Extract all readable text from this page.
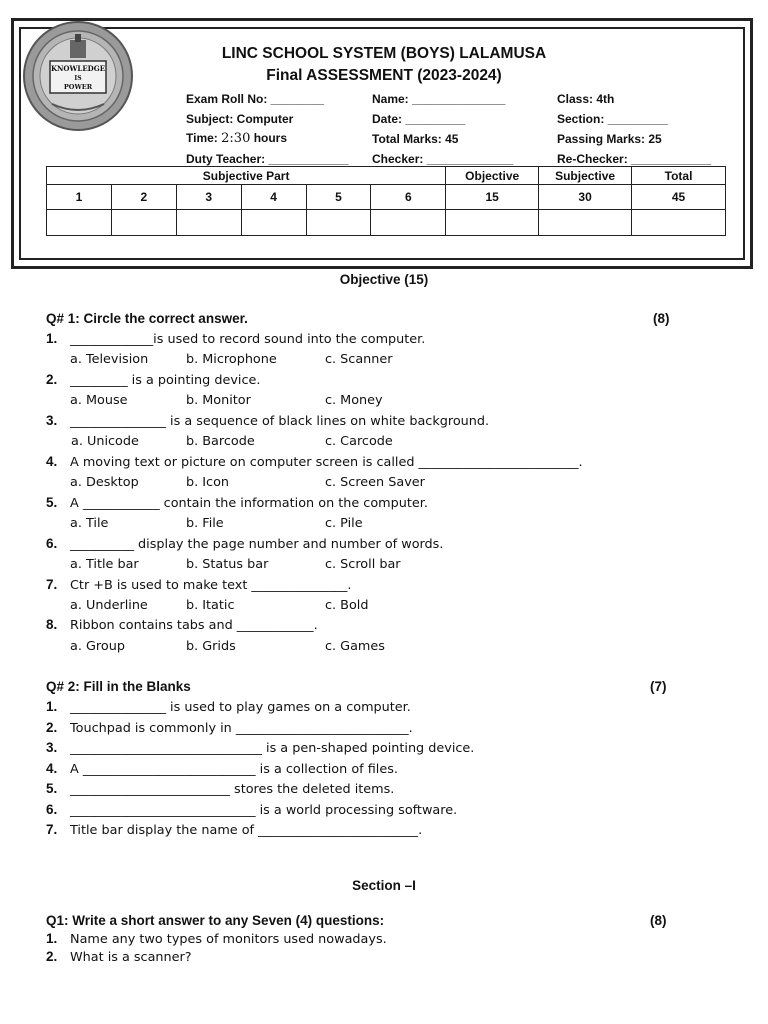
KNOWLEDGE
IS
POWER
LINC SCHOOL SYSTEM (BOYS) LALAMUSA
Final ASSESSMENT (2023-2024)
Exam Roll No: ________	Name: ______________	Class: 4th
Subject: Computer	Date: _________	Section: _________
Time: 2:30 hours	Total Marks: 45	Passing Marks: 25
Duty Teacher: ____________ Checker: _____________	Re-Checker: ____________
Subjective Part						Objective	Subjective	Total
1	2	3	4	5	6	15	30	45

Objective (15)
Q# 1: Circle the correct answer.	(8)
1. _____________is used to record sound into the computer.
a. Television	b. Microphone	c. Scanner
2. _________ is a pointing device.
a. Mouse	b. Monitor	c. Money
3. _______________ is a sequence of black lines on white background.
a. Unicode	b. Barcode	c. Carcode
4. A moving text or picture on computer screen is called _________________________.
a. Desktop	b. Icon	c. Screen Saver
5. A ____________ contain the information on the computer.
a. Tile	b. File	c. Pile
6. __________ display the page number and number of words.
a. Title bar	b. Status bar	c. Scroll bar
7. Ctr +B is used to make text _______________.
a. Underline	b. Itatic	c. Bold
8. Ribbon contains tabs and ____________.
a. Group	b. Grids	c. Games
Q# 2: Fill in the Blanks	(7)
1. _______________ is used to play games on a computer.
2. Touchpad is commonly in ___________________________.
3. ______________________________ is a pen-shaped pointing device.
4. A ___________________________ is a collection of files.
5. _________________________ stores the deleted items.
6. _____________________________ is a world processing software.
7. Title bar display the name of _________________________.
Section –I
Q1: Write a short answer to any Seven (4) questions:	(8)
1. Name any two types of monitors used nowadays.
2. What is a scanner?
